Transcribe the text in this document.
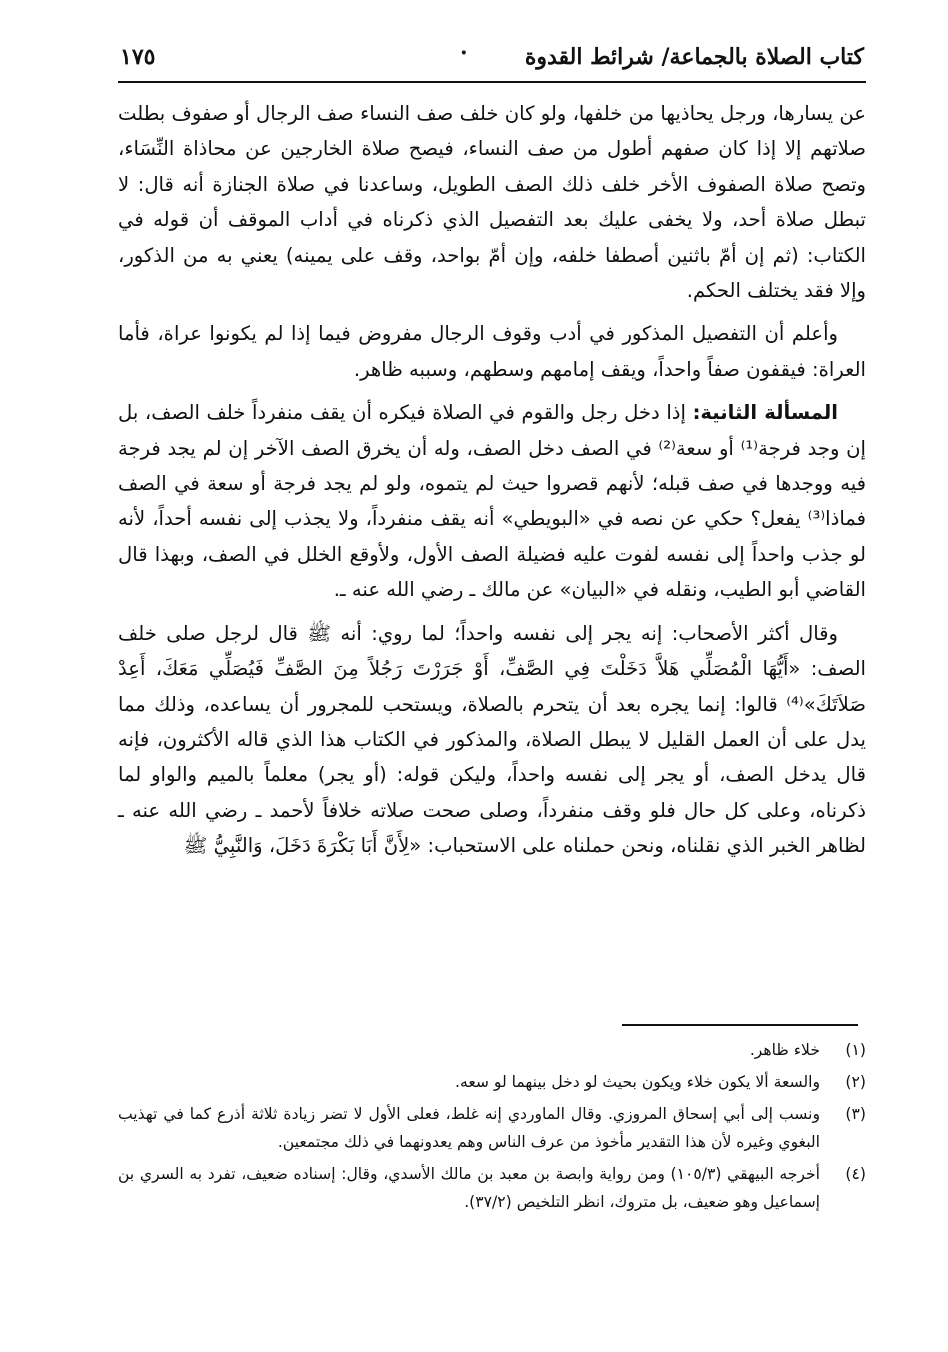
كتاب الصلاة بالجماعة/ شرائط القدوة
·
١٧٥

عن يسارها، ورجل يحاذيها من خلفها، ولو كان خلف صف النساء صف الرجال أو صفوف بطلت صلاتهم إلا إذا كان صفهم أطول من صف النساء، فيصح صلاة الخارجين عن محاذاة النِّسَاء، وتصح صلاة الصفوف الأخر خلف ذلك الصف الطويل، وساعدنا في صلاة الجنازة أنه قال: لا تبطل صلاة أحد، ولا يخفى عليك بعد التفصيل الذي ذكرناه في أداب الموقف أن قوله في الكتاب: (ثم إن أمّ باثنين أصطفا خلفه، وإن أمّ بواحد، وقف على يمينه) يعني به من الذكور، وإلا فقد يختلف الحكم.

وأعلم أن التفصيل المذكور في أدب وقوف الرجال مفروض فيما إذا لم يكونوا عراة، فأما العراة: فيقفون صفاً واحداً، ويقف إمامهم وسطهم، وسببه ظاهر.

المسألة الثانية: إذا دخل رجل والقوم في الصلاة فيكره أن يقف منفرداً خلف الصف، بل إن وجد فرجة⁽¹⁾ أو سعة⁽²⁾ في الصف دخل الصف، وله أن يخرق الصف الآخر إن لم يجد فرجة فيه ووجدها في صف قبله؛ لأنهم قصروا حيث لم يتموه، ولو لم يجد فرجة أو سعة في الصف فماذا⁽³⁾ يفعل؟ حكي عن نصه في «البويطي» أنه يقف منفرداً، ولا يجذب إلى نفسه أحداً، لأنه لو جذب واحداً إلى نفسه لفوت عليه فضيلة الصف الأول، ولأوقع الخلل في الصف، وبهذا قال القاضي أبو الطيب، ونقله في «البيان» عن مالك ـ رضي الله عنه ـ.

وقال أكثر الأصحاب: إنه يجر إلى نفسه واحداً؛ لما روي: أنه ﷺ قال لرجل صلى خلف الصف: «أَيُّهَا الْمُصَلِّي هَلاَّ دَخَلْتَ فِي الصَّفِّ، أَوْ جَرَرْتَ رَجُلاً مِنَ الصَّفِّ فَيُصَلِّي مَعَكَ، أَعِدْ صَلاَتَكَ»⁽⁴⁾ قالوا: إنما يجره بعد أن يتحرم بالصلاة، ويستحب للمجرور أن يساعده، وذلك مما يدل على أن العمل القليل لا يبطل الصلاة، والمذكور في الكتاب هذا الذي قاله الأكثرون، فإنه قال يدخل الصف، أو يجر إلى نفسه واحداً، وليكن قوله: (أو يجر) معلماً بالميم والواو لما ذكرناه، وعلى كل حال فلو وقف منفرداً، وصلى صحت صلاته خلافاً لأحمد ـ رضي الله عنه ـ لظاهر الخبر الذي نقلناه، ونحن حملناه على الاستحباب: «لِأَنَّ أَبَا بَكْرَةَ دَخَلَ، وَالنَّبِيُّ ﷺ

(١)
خلاء ظاهر.
(٢)
والسعة ألا يكون خلاء ويكون بحيث لو دخل بينهما لو سعه.
(٣)
ونسب إلى أبي إسحاق المروزي. وقال الماوردي إنه غلط، فعلى الأول لا تضر زيادة ثلاثة أذرع كما في تهذيب البغوي وغيره لأن هذا التقدير مأخوذ من عرف الناس وهم يعدونهما في ذلك مجتمعين.
(٤)
أخرجه البيهقي (١٠٥/٣) ومن رواية وابصة بن معبد بن مالك الأسدي، وقال: إسناده ضعيف، تفرد به السري بن إسماعيل وهو ضعيف، بل متروك، انظر التلخيص (٣٧/٢).
